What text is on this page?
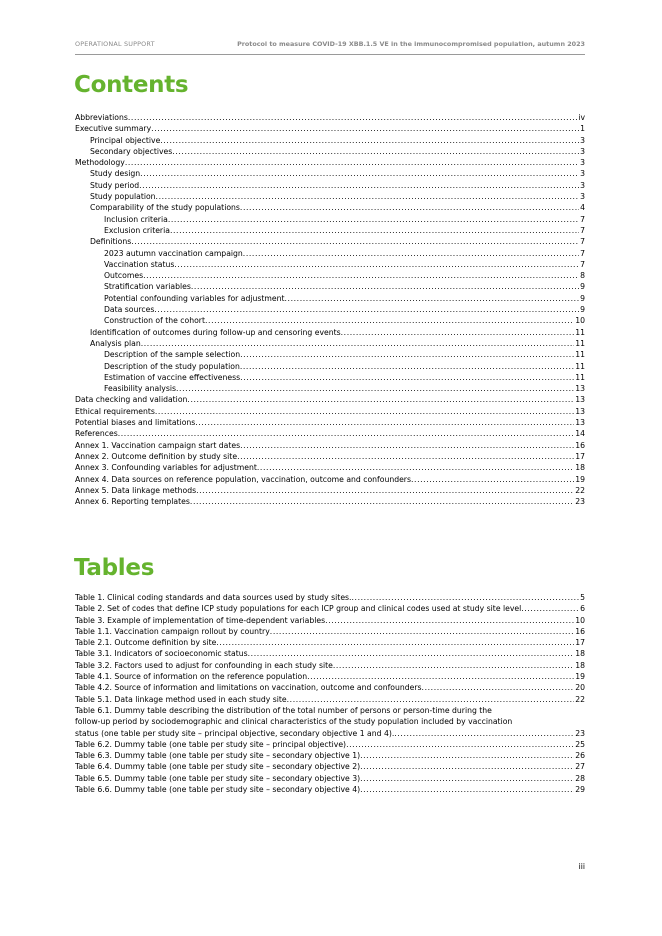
OPERATIONAL SUPPORT	Protocol to measure COVID-19 XBB.1.5 VE in the immunocompromised population, autumn 2023
Contents
Abbreviations .....	iv
Executive summary .....	1
Principal objective .....	3
Secondary objectives .....	3
Methodology .....	3
Study design .....	3
Study period .....	3
Study population .....	3
Comparability of the study populations .....	4
Inclusion criteria .....	7
Exclusion criteria .....	7
Definitions .....	7
2023 autumn vaccination campaign .....	7
Vaccination status .....	7
Outcomes .....	8
Stratification variables .....	9
Potential confounding variables for adjustment .....	9
Data sources .....	9
Construction of the cohort .....	10
Identification of outcomes during follow-up and censoring events .....	11
Analysis plan .....	11
Description of the sample selection .....	11
Description of the study population .....	11
Estimation of vaccine effectiveness .....	11
Feasibility analysis .....	13
Data checking and validation .....	13
Ethical requirements .....	13
Potential biases and limitations .....	13
References .....	14
Annex 1. Vaccination campaign start dates .....	16
Annex 2. Outcome definition by study site .....	17
Annex 3. Confounding variables for adjustment .....	18
Annex 4. Data sources on reference population, vaccination, outcome and confounders .....	19
Annex 5. Data linkage methods .....	22
Annex 6. Reporting templates .....	23
Tables
Table 1. Clinical coding standards and data sources used by study sites. .....	5
Table 2. Set of codes that define ICP study populations for each ICP group and clinical codes used at study site level .....	6
Table 3. Example of implementation of time-dependent variables .....	10
Table 1.1. Vaccination campaign rollout by country .....	16
Table 2.1. Outcome definition by site .....	17
Table 3.1. Indicators of socioeconomic status .....	18
Table 3.2. Factors used to adjust for confounding in each study site .....	18
Table 4.1. Source of information on the reference population .....	19
Table 4.2. Source of information and limitations on vaccination, outcome and confounders .....	20
Table 5.1. Data linkage method used in each study site .....	22
Table 6.1. Dummy table describing the distribution of the total number of persons or person-time during the
follow-up period by sociodemographic and clinical characteristics of the study population included by vaccination
status (one table per study site – principal objective, secondary objective 1 and 4). .....	23
Table 6.2. Dummy table (one table per study site – principal objective) .....	25
Table 6.3. Dummy table (one table per study site – secondary objective 1) .....	26
Table 6.4. Dummy table (one table per study site – secondary objective 2) .....	27
Table 6.5. Dummy table (one table per study site – secondary objective 3) .....	28
Table 6.6. Dummy table (one table per study site – secondary objective 4) .....	29
iii
